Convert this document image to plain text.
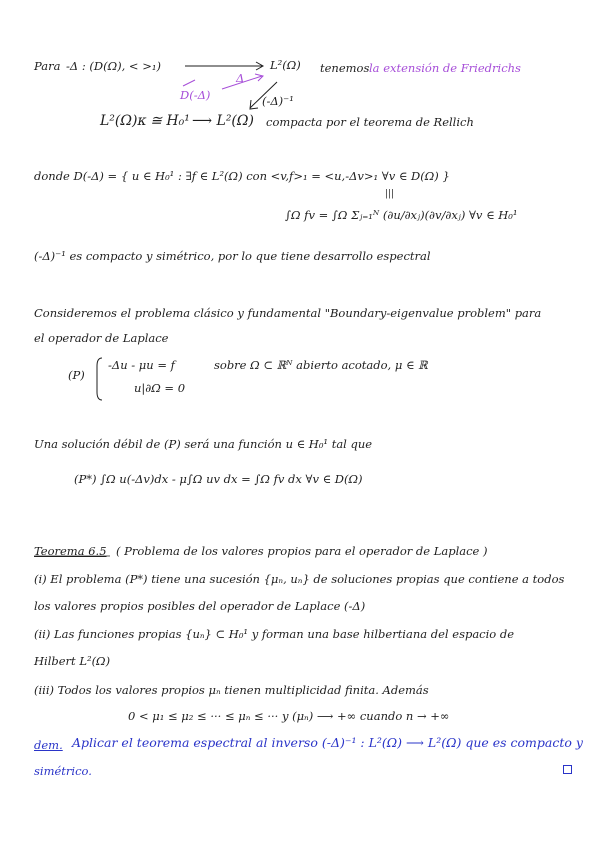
Para -Δ : (D(Ω), < >₁)	L²(Ω) tenemos la extensión de Friedrichs
D(-Δ)
Δ
(-Δ)⁻¹
L²(Ω)ᴋ ≅ H₀¹ ⟶ L²(Ω) compacta por el teorema de Rellich
donde D(-Δ) = { u ∈ H₀¹ : ∃f ∈ L²(Ω) con <v,f>₁ = <u,-Δv>₁ ∀v ∈ D(Ω) }
|||
∫Ω fv = ∫Ω Σⱼ₌₁ᴺ (∂u/∂xⱼ)(∂v/∂xⱼ) ∀v ∈ H₀¹
(-Δ)⁻¹ es compacto y simétrico, por lo que tiene desarrollo espectral
Consideremos el problema clásico y fundamental "Boundary-eigenvalue problem" para
el operador de Laplace
(P)
-Δu - μu = f	sobre Ω ⊂ ℝᴺ abierto acotado, μ ∈ ℝ
u|∂Ω = 0
Una solución débil de (P) será una función u ∈ H₀¹ tal que
(P*) ∫Ω u(-Δv)dx - μ∫Ω uv dx = ∫Ω fv dx ∀v ∈ D(Ω)
Teorema 6.5 ( Problema de los valores propios para el operador de Laplace )
(i) El problema (P*) tiene una sucesión {μₙ, uₙ} de soluciones propias que contiene a todos
los valores propios posibles del operador de Laplace (-Δ)
(ii) Las funciones propias {uₙ} ⊂ H₀¹ y forman una base hilbertiana del espacio de
Hilbert L²(Ω)
(iii) Todos los valores propios μₙ tienen multiplicidad finita. Además
0 < μ₁ ≤ μ₂ ≤ ··· ≤ μₙ ≤ ··· y (μₙ) ⟶ +∞ cuando n → +∞
dem. Aplicar el teorema espectral al inverso (-Δ)⁻¹ : L²(Ω) ⟶ L²(Ω) que es compacto y
simétrico.
